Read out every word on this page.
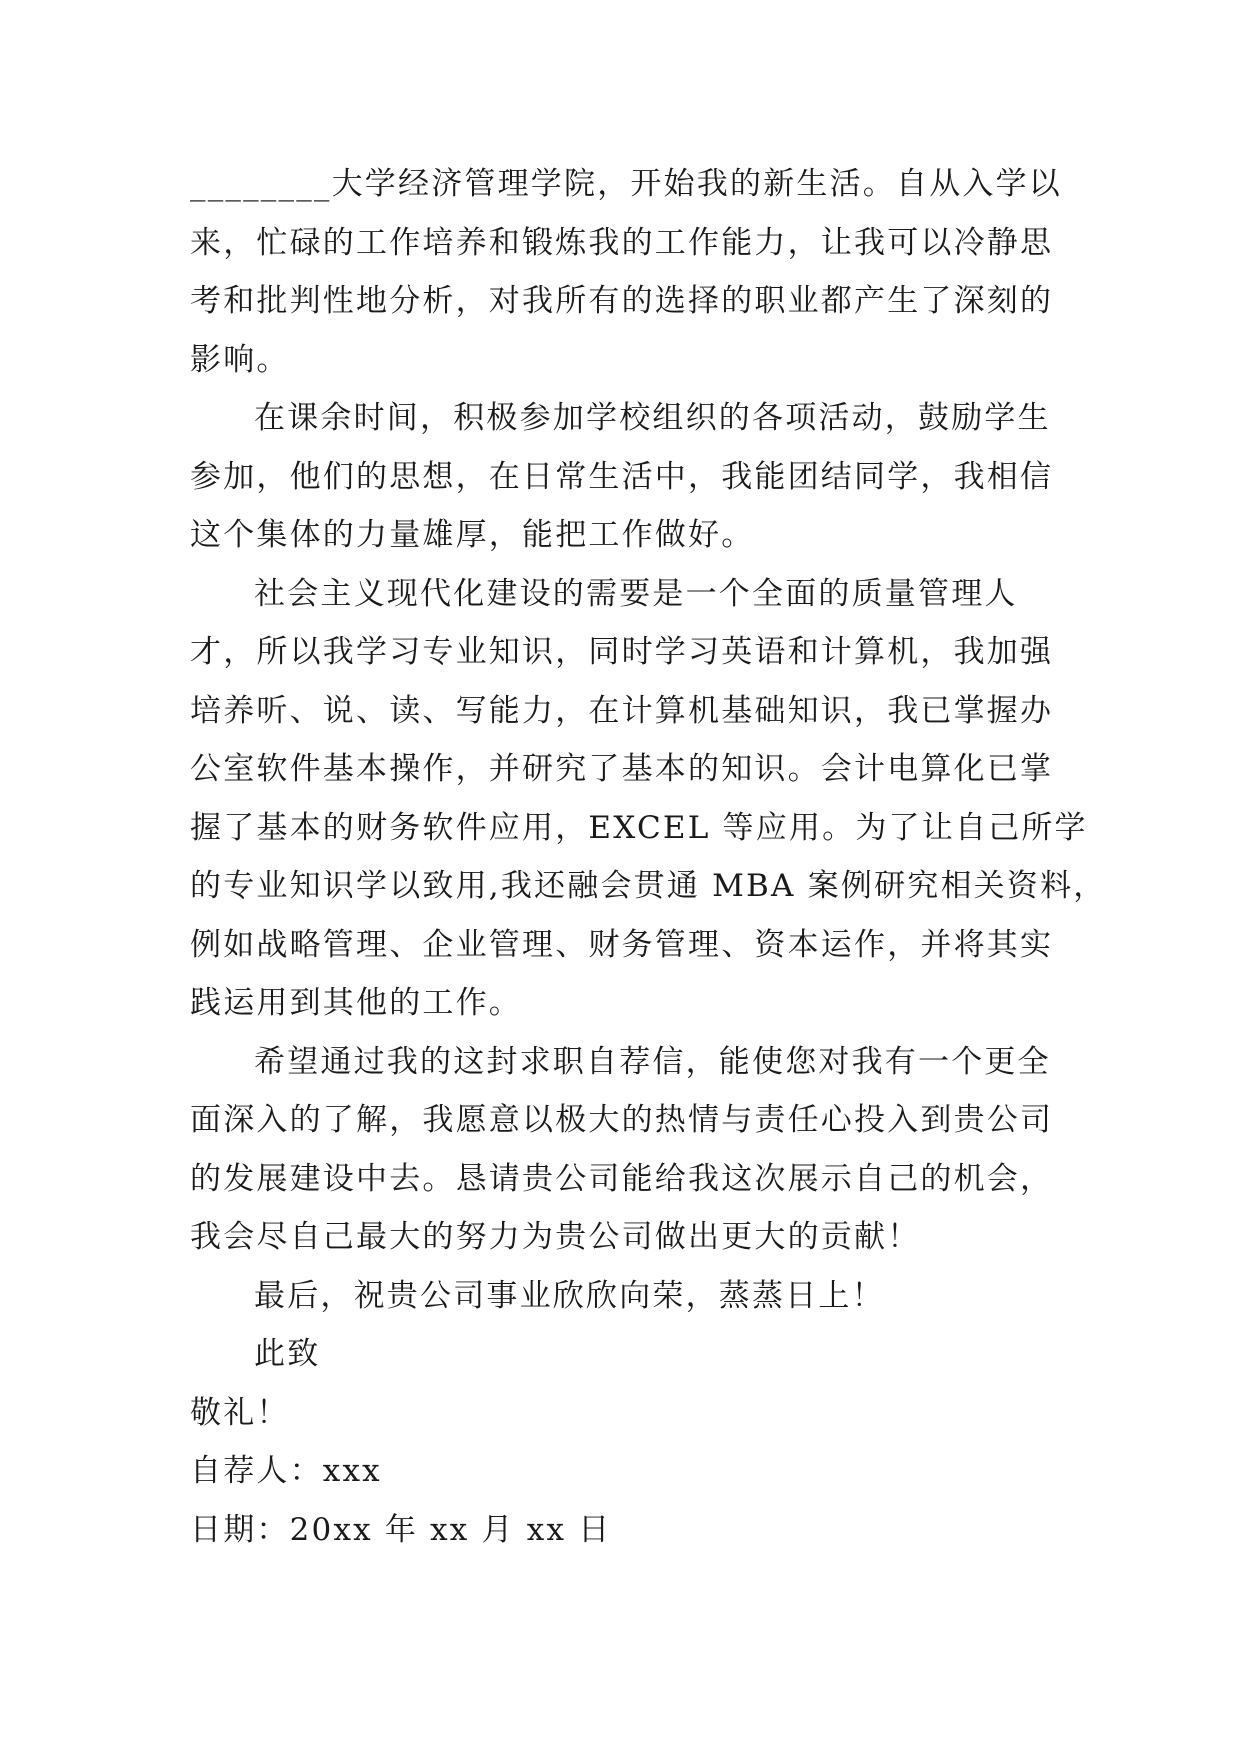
________大学经济管理学院，开始我的新生活。自从入学以
来，忙碌的工作培养和锻炼我的工作能力，让我可以冷静思
考和批判性地分析，对我所有的选择的职业都产生了深刻的
影响。

在课余时间，积极参加学校组织的各项活动，鼓励学生
参加，他们的思想，在日常生活中，我能团结同学，我相信
这个集体的力量雄厚，能把工作做好。

社会主义现代化建设的需要是一个全面的质量管理人
才，所以我学习专业知识，同时学习英语和计算机，我加强
培养听、说、读、写能力，在计算机基础知识，我已掌握办
公室软件基本操作，并研究了基本的知识。会计电算化已掌
握了基本的财务软件应用，EXCEL 等应用。为了让自己所学
的专业知识学以致用,我还融会贯通 MBA 案例研究相关资料，
例如战略管理、企业管理、财务管理、资本运作，并将其实
践运用到其他的工作。

希望通过我的这封求职自荐信，能使您对我有一个更全
面深入的了解，我愿意以极大的热情与责任心投入到贵公司
的发展建设中去。恳请贵公司能给我这次展示自己的机会，
我会尽自己最大的努力为贵公司做出更大的贡献！

最后，祝贵公司事业欣欣向荣，蒸蒸日上！

此致

敬礼！

自荐人：xxx

日期：20xx 年 xx 月 xx 日
